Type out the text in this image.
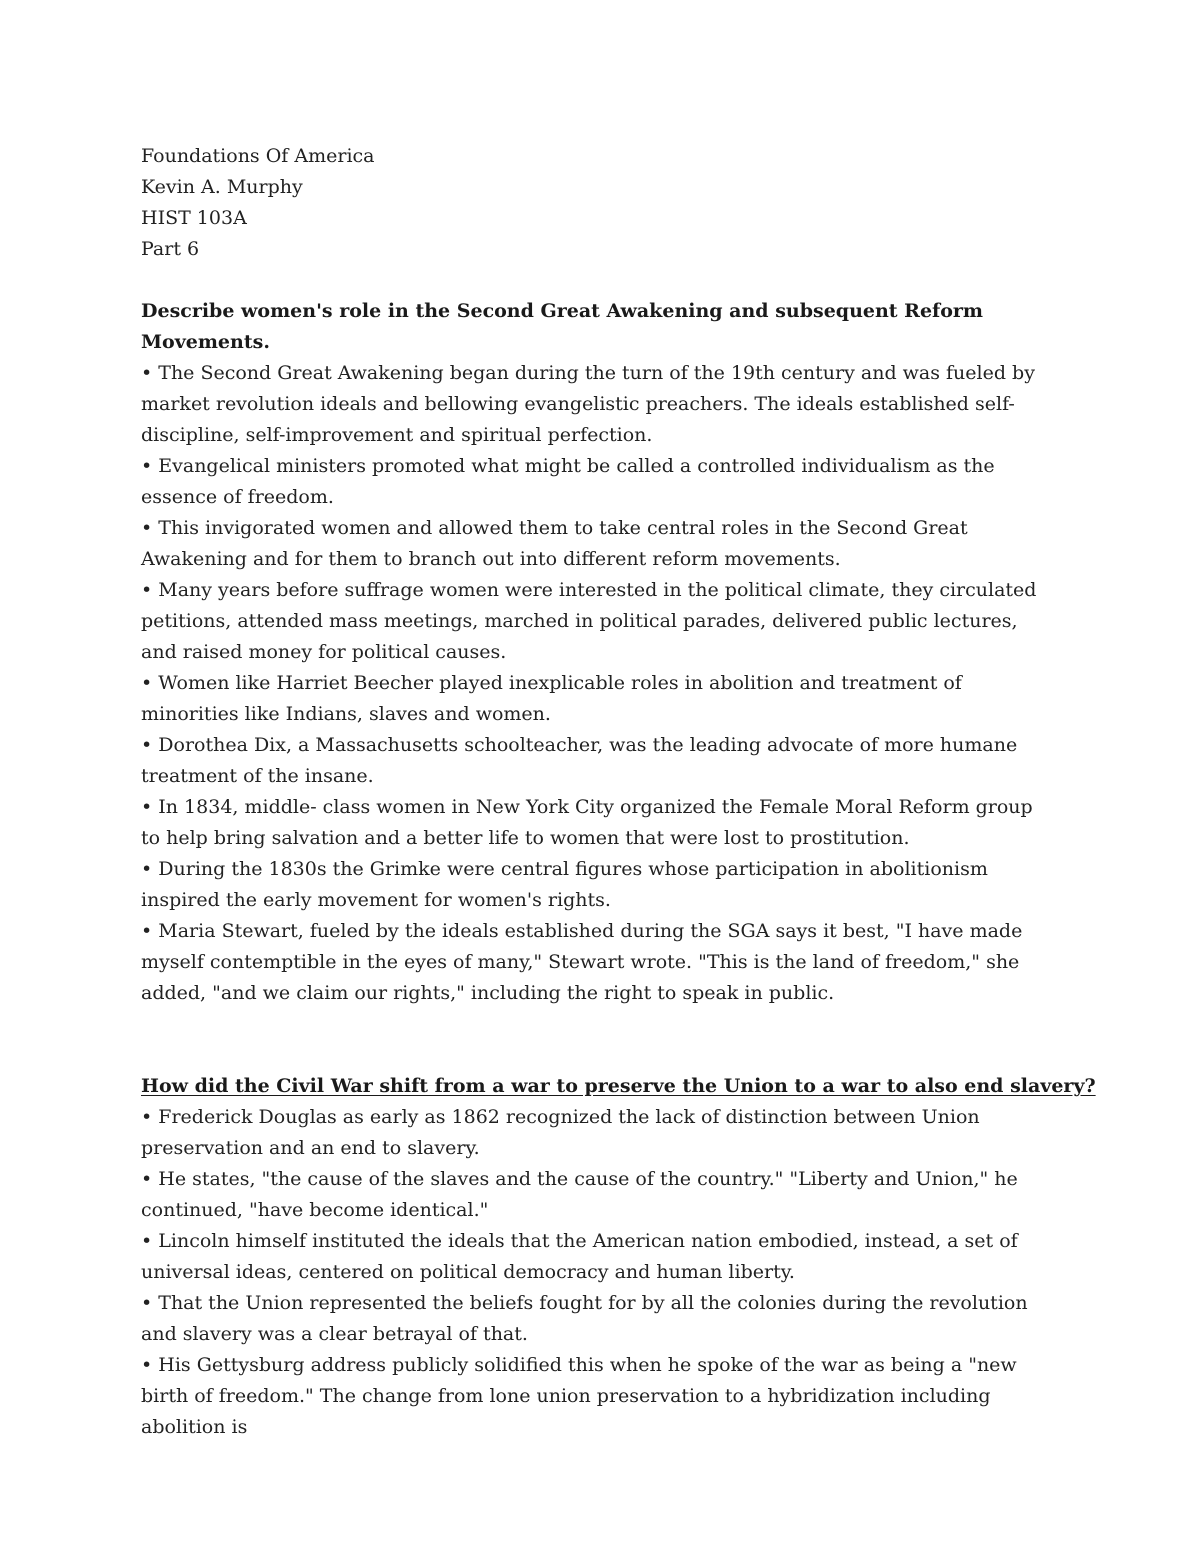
Foundations Of America

Kevin A. Murphy

HIST 103A

Part 6

Describe women's role in the Second Great Awakening and subsequent Reform Movements.

• The Second Great Awakening began during the turn of the 19th century and was fueled by market revolution ideals and bellowing evangelistic preachers. The ideals established self-discipline, self-improvement and spiritual perfection.
• Evangelical ministers promoted what might be called a controlled individualism as the essence of freedom.
• This invigorated women and allowed them to take central roles in the Second Great Awakening and for them to branch out into different reform movements.
• Many years before suffrage women were interested in the political climate, they circulated petitions, attended mass meetings, marched in political parades, delivered public lectures, and raised money for political causes.
• Women like Harriet Beecher played inexplicable roles in abolition and treatment of minorities like Indians, slaves and women.
• Dorothea Dix, a Massachusetts schoolteacher, was the leading advocate of more humane treatment of the insane.
• In 1834, middle- class women in New York City organized the Female Moral Reform group to help bring salvation and a better life to women that were lost to prostitution.
• During the 1830s the Grimke were central figures whose participation in abolitionism inspired the early movement for women's rights.
• Maria Stewart, fueled by the ideals established during the SGA says it best, "I have made myself contemptible in the eyes of many," Stewart wrote. "This is the land of freedom," she added, "and we claim our rights," including the right to speak in public.

How did the Civil War shift from a war to preserve the Union to a war to also end slavery?

• Frederick Douglas as early as 1862 recognized the lack of distinction between Union preservation and an end to slavery.
• He states, "the cause of the slaves and the cause of the country." "Liberty and Union," he continued, "have become identical."
• Lincoln himself instituted the ideals that the American nation embodied, instead, a set of universal ideas, centered on political democracy and human liberty.
• That the Union represented the beliefs fought for by all the colonies during the revolution and slavery was a clear betrayal of that.
• His Gettysburg address publicly solidified this when he spoke of the war as being a "new birth of freedom." The change from lone union preservation to a hybridization including abolition is
